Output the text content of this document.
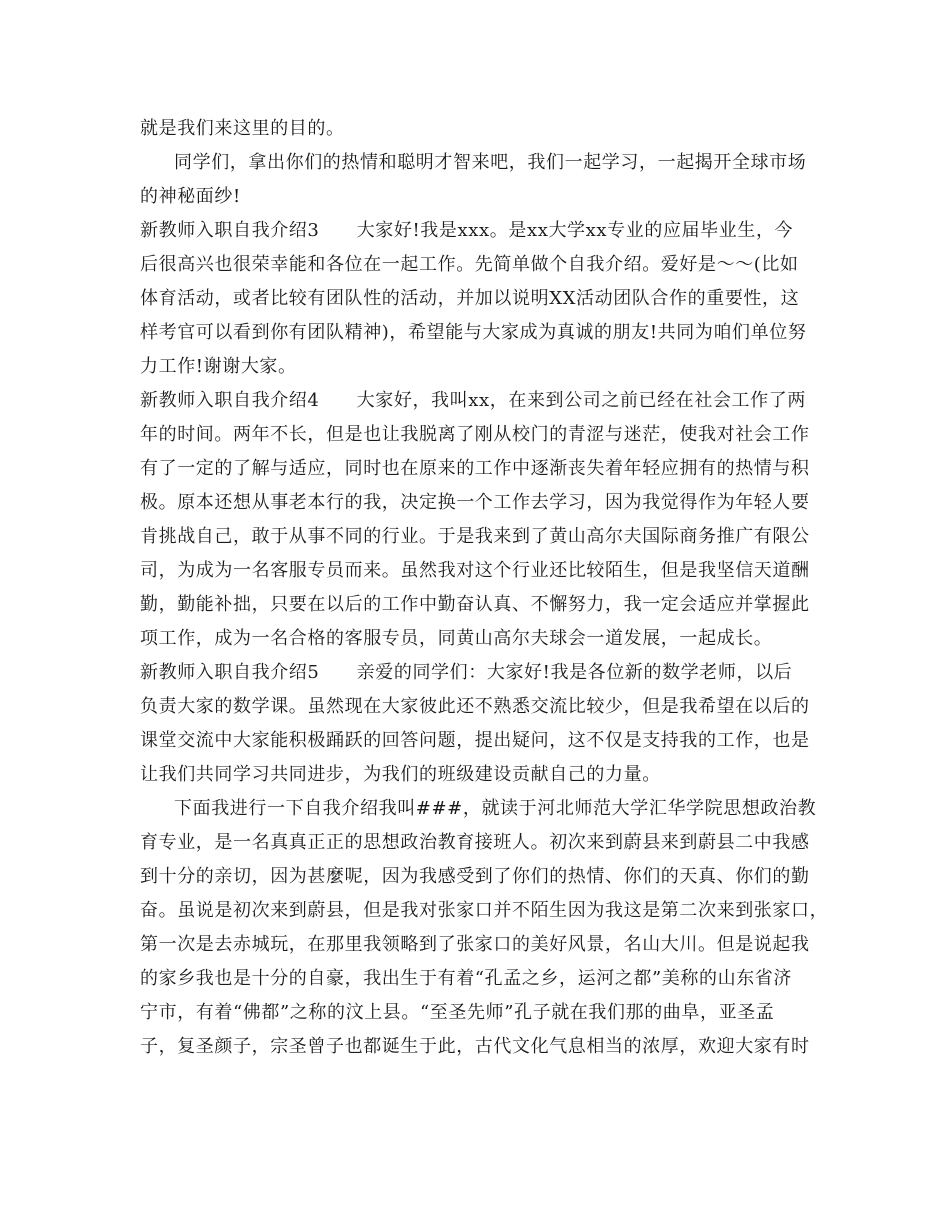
就是我们来这里的目的。
同学们，拿出你们的热情和聪明才智来吧，我们一起学习，一起揭开全球市场
的神秘面纱!
新教师入职自我介绍3　　大家好!我是xxx。是xx大学xx专业的应届毕业生，今
后很高兴也很荣幸能和各位在一起工作。先简单做个自我介绍。爱好是～～(比如
体育活动，或者比较有团队性的活动，并加以说明XX活动团队合作的重要性，这
样考官可以看到你有团队精神)，希望能与大家成为真诚的朋友!共同为咱们单位努
力工作!谢谢大家。
新教师入职自我介绍4　　大家好，我叫xx，在来到公司之前已经在社会工作了两
年的时间。两年不长，但是也让我脱离了刚从校门的青涩与迷茫，使我对社会工作
有了一定的了解与适应，同时也在原来的工作中逐渐丧失着年轻应拥有的热情与积
极。原本还想从事老本行的我，决定换一个工作去学习，因为我觉得作为年轻人要
肯挑战自己，敢于从事不同的行业。于是我来到了黄山高尔夫国际商务推广有限公
司，为成为一名客服专员而来。虽然我对这个行业还比较陌生，但是我坚信天道酬
勤，勤能补拙，只要在以后的工作中勤奋认真、不懈努力，我一定会适应并掌握此
项工作，成为一名合格的客服专员，同黄山高尔夫球会一道发展，一起成长。
新教师入职自我介绍5　　亲爱的同学们：大家好!我是各位新的数学老师，以后
负责大家的数学课。虽然现在大家彼此还不熟悉交流比较少，但是我希望在以后的
课堂交流中大家能积极踊跃的回答问题，提出疑问，这不仅是支持我的工作，也是
让我们共同学习共同进步，为我们的班级建设贡献自己的力量。
下面我进行一下自我介绍我叫###，就读于河北师范大学汇华学院思想政治教
育专业，是一名真真正正的思想政治教育接班人。初次来到蔚县来到蔚县二中我感
到十分的亲切，因为甚麼呢，因为我感受到了你们的热情、你们的天真、你们的勤
奋。虽说是初次来到蔚县，但是我对张家口并不陌生因为我这是第二次来到张家口，
第一次是去赤城玩，在那里我领略到了张家口的美好风景，名山大川。但是说起我
的家乡我也是十分的自豪，我出生于有着“孔孟之乡，运河之都”美称的山东省济
宁市，有着“佛都”之称的汶上县。“至圣先师”孔子就在我们那的曲阜，亚圣孟
子，复圣颜子，宗圣曾子也都诞生于此，古代文化气息相当的浓厚，欢迎大家有时
